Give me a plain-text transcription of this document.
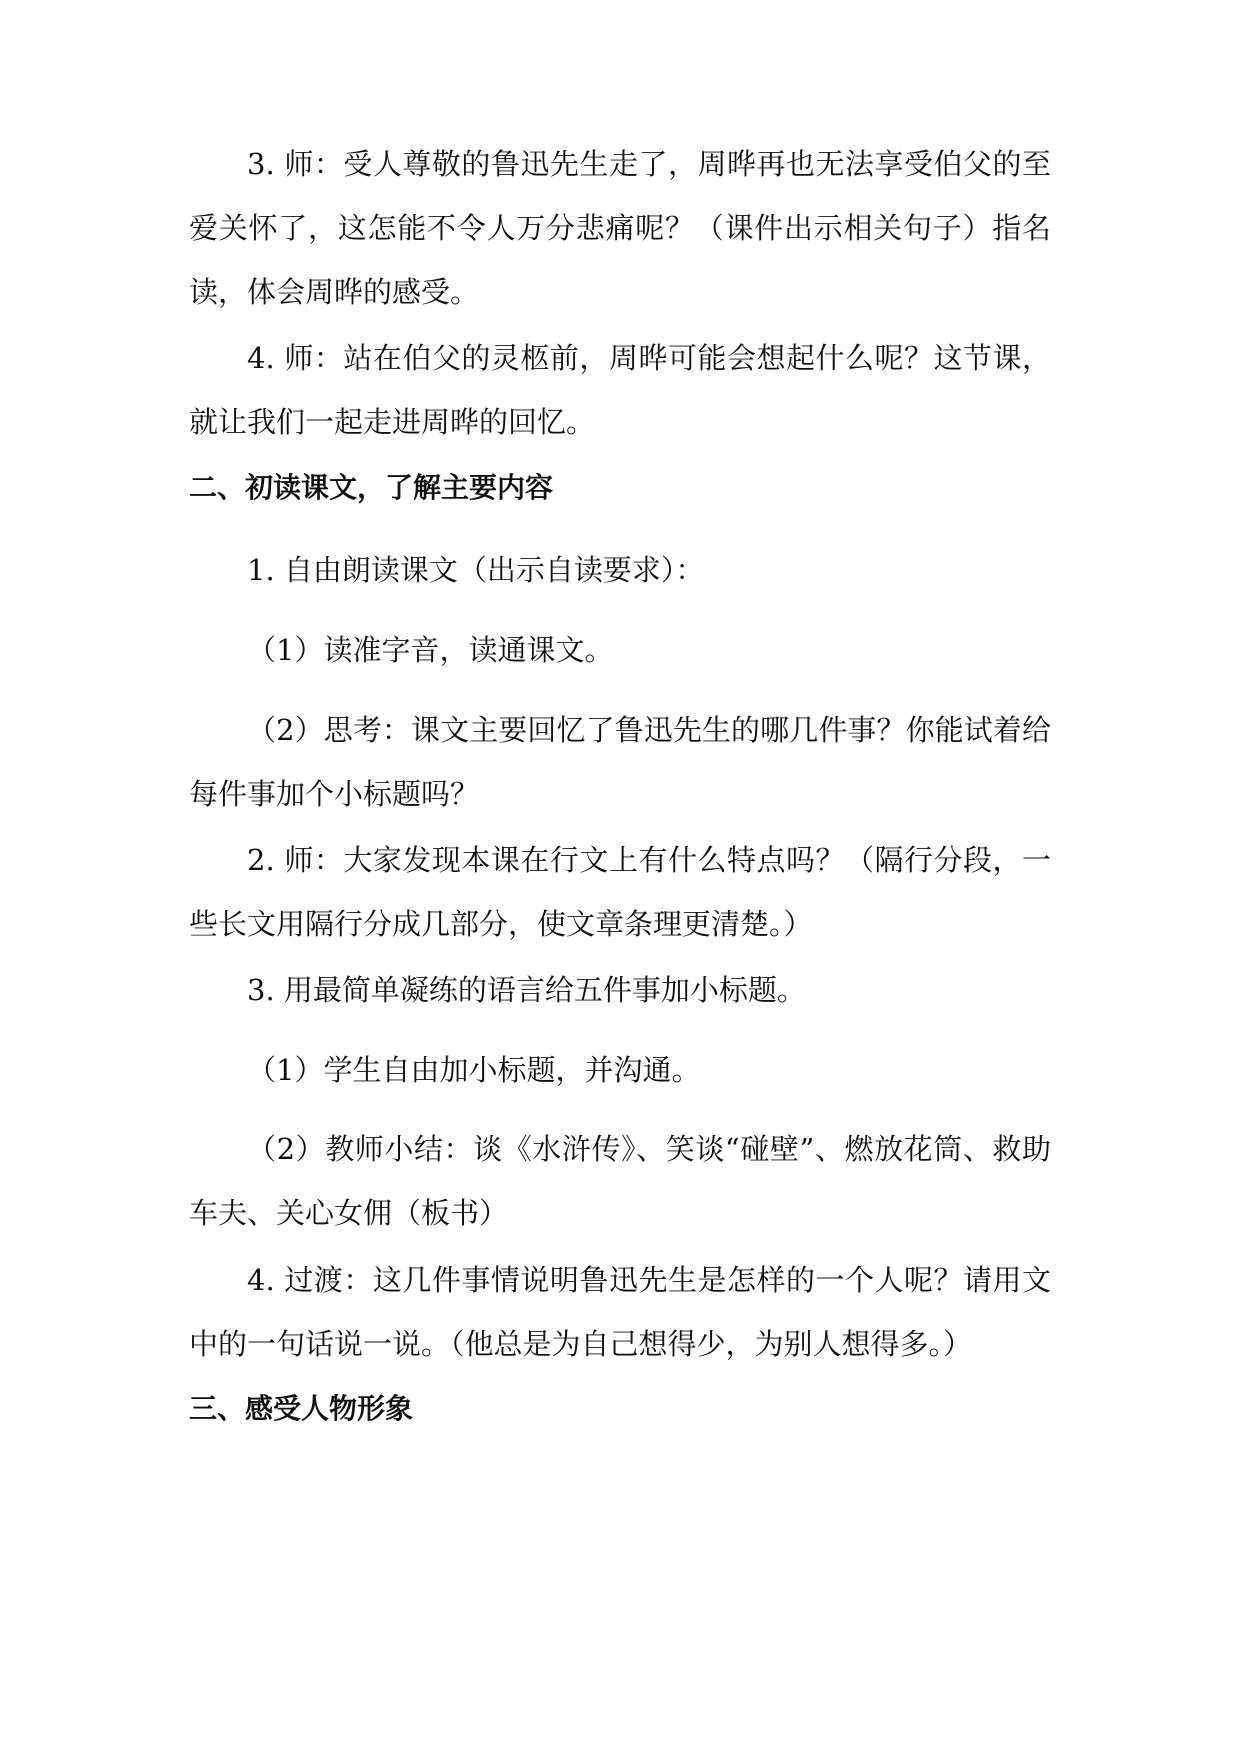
3. 师：受人尊敬的鲁迅先生走了，周晔再也无法享受伯父的至爱关怀了，这怎能不令人万分悲痛呢？（课件出示相关句子）指名读，体会周晔的感受。

4. 师：站在伯父的灵柩前，周晔可能会想起什么呢？这节课，就让我们一起走进周晔的回忆。

二、初读课文，了解主要内容

1. 自由朗读课文（出示自读要求）：

（1）读准字音，读通课文。

（2）思考：课文主要回忆了鲁迅先生的哪几件事？你能试着给每件事加个小标题吗？

2. 师：大家发现本课在行文上有什么特点吗？（隔行分段，一些长文用隔行分成几部分，使文章条理更清楚。）

3. 用最简单凝练的语言给五件事加小标题。

（1）学生自由加小标题，并沟通。

（2）教师小结：谈《水浒传》、笑谈“碰壁”、燃放花筒、救助车夫、关心女佣（板书）

4. 过渡：这几件事情说明鲁迅先生是怎样的一个人呢？请用文中的一句话说一说。（他总是为自己想得少，为别人想得多。）

三、感受人物形象
